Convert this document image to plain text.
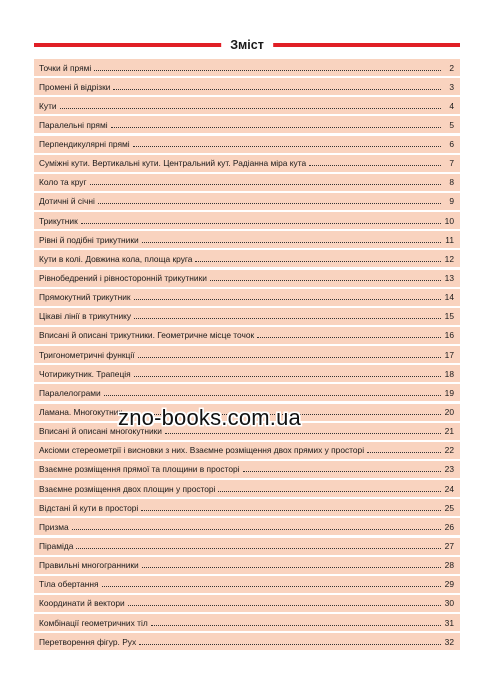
Зміст
Точки й прямі	2
Промені й відрізки	3
Кути	4
Паралельні прямі	5
Перпендикулярні прямі	6
Суміжні кути. Вертикальні кути. Центральний кут. Радіанна міра кута	7
Коло та круг	8
Дотичні й січні	9
Трикутник	10
Рівні й подібні трикутники	11
Кути в колі. Довжина кола, площа круга	12
Рівнобедрений і рівносторонній трикутники	13
Прямокутний трикутник	14
Цікаві лінії в трикутнику	15
Вписані й описані трикутники. Геометричне місце точок	16
Тригонометричні функції	17
Чотирикутник. Трапеція	18
Паралелограми	19
Ламана. Многокутник	20
Вписані й описані многокутники	21
Аксіоми стереометрії і висновки з них. Взаємне розміщення двох прямих у просторі	22
Взаємне розміщення прямої та площини в просторі	23
Взаємне розміщення двох площин у просторі	24
Відстані й кути в просторі	25
Призма	26
Піраміда	27
Правильні многогранники	28
Тіла обертання	29
Координати й вектори	30
Комбінації геометричних тіл	31
Перетворення фігур. Рух	32
zno-books.com.ua
